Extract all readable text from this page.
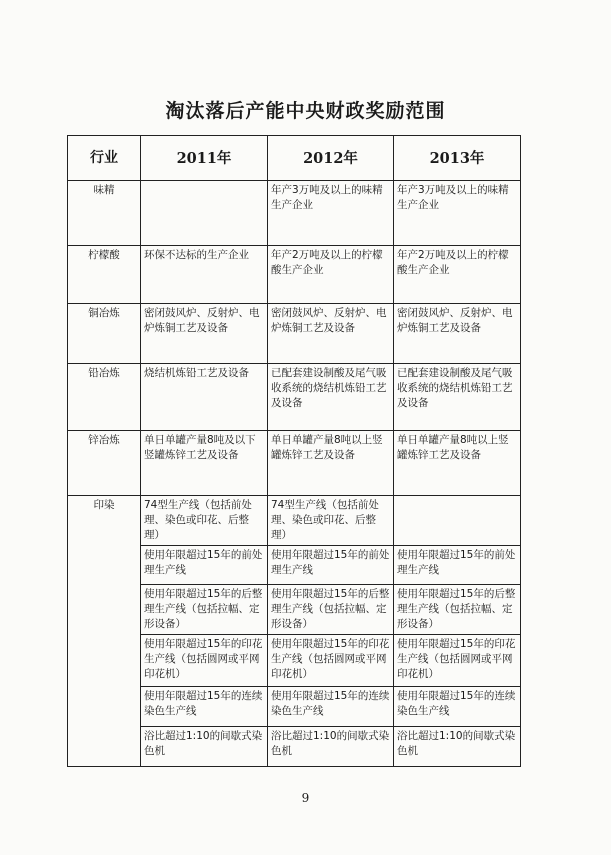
淘汰落后产能中央财政奖励范围
行业	2011年	2012年	2013年
味精		年产3万吨及以上的味精生产企业	年产3万吨及以上的味精生产企业
柠檬酸	环保不达标的生产企业	年产2万吨及以上的柠檬酸生产企业	年产2万吨及以上的柠檬酸生产企业
铜冶炼	密闭鼓风炉、反射炉、电炉炼铜工艺及设备	密闭鼓风炉、反射炉、电炉炼铜工艺及设备	密闭鼓风炉、反射炉、电炉炼铜工艺及设备
铅冶炼	烧结机炼铅工艺及设备	已配套建设制酸及尾气吸收系统的烧结机炼铅工艺及设备	已配套建设制酸及尾气吸收系统的烧结机炼铅工艺及设备
锌冶炼	单日单罐产量8吨及以下竖罐炼锌工艺及设备	单日单罐产量8吨以上竖罐炼锌工艺及设备	单日单罐产量8吨以上竖罐炼锌工艺及设备
印染	74型生产线（包括前处理、染色或印花、后整理）	74型生产线（包括前处理、染色或印花、后整理）	
	使用年限超过15年的前处理生产线	使用年限超过15年的前处理生产线	使用年限超过15年的前处理生产线
	使用年限超过15年的后整理生产线（包括拉幅、定形设备）	使用年限超过15年的后整理生产线（包括拉幅、定形设备）	使用年限超过15年的后整理生产线（包括拉幅、定形设备）
	使用年限超过15年的印花生产线（包括圆网或平网印花机）	使用年限超过15年的印花生产线（包括圆网或平网印花机）	使用年限超过15年的印花生产线（包括圆网或平网印花机）
	使用年限超过15年的连续染色生产线	使用年限超过15年的连续染色生产线	使用年限超过15年的连续染色生产线
	浴比超过1:10的间歇式染色机	浴比超过1:10的间歇式染色机	浴比超过1:10的间歇式染色机
9
